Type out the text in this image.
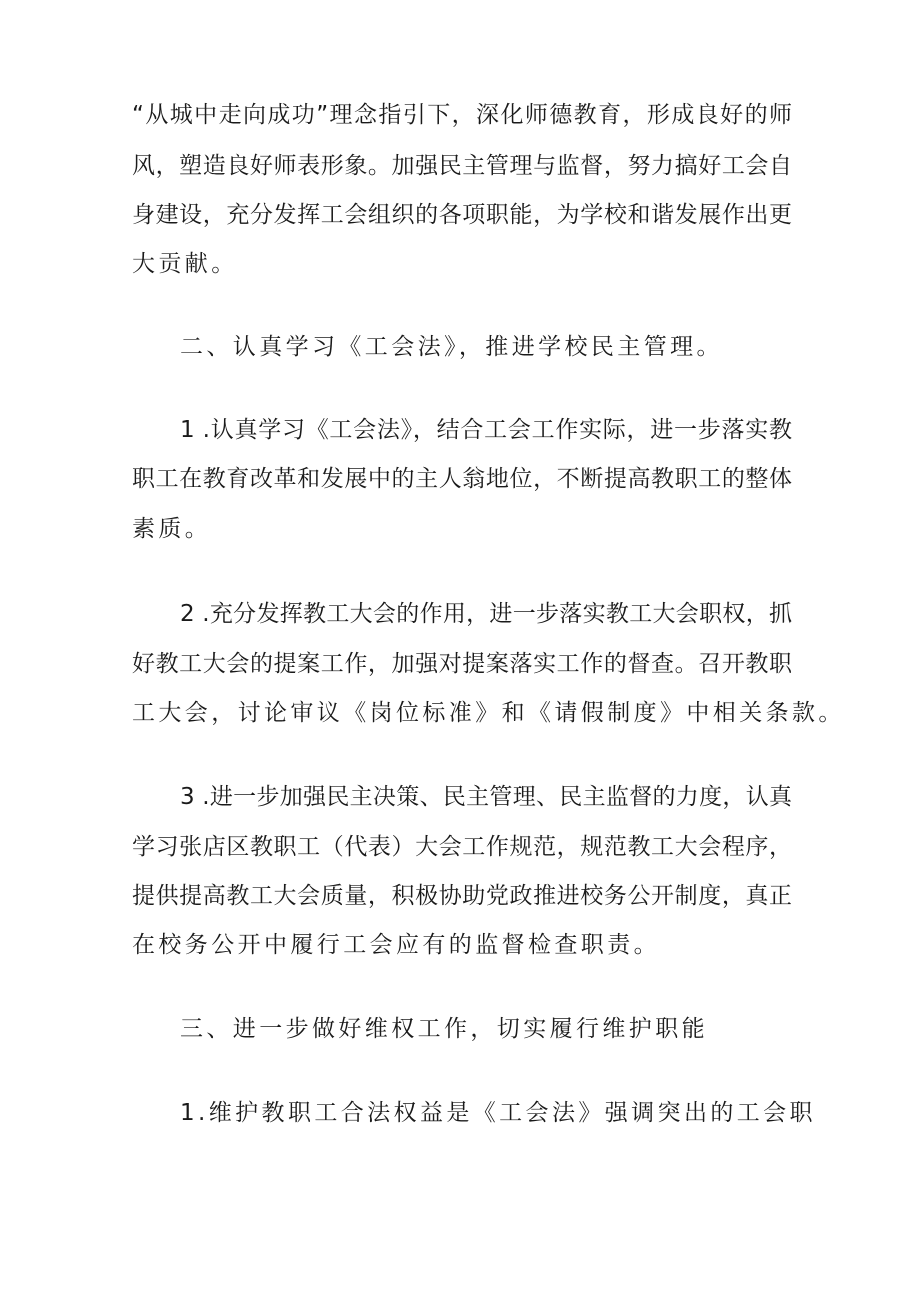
“从城中走向成功”理念指引下，深化师德教育，形成良好的师
风，塑造良好师表形象。加强民主管理与监督，努力搞好工会自
身建设，充分发挥工会组织的各项职能，为学校和谐发展作出更
大贡献。
二、认真学习《工会法》，推进学校民主管理。
1 .认真学习《工会法》，结合工会工作实际，进一步落实教
职工在教育改革和发展中的主人翁地位，不断提高教职工的整体
素质。
2 .充分发挥教工大会的作用，进一步落实教工大会职权，抓
好教工大会的提案工作，加强对提案落实工作的督查。召开教职
工大会，讨论审议《岗位标准》和《请假制度》中相关条款。
3 .进一步加强民主决策、民主管理、民主监督的力度，认真
学习张店区教职工（代表）大会工作规范，规范教工大会程序，
提供提高教工大会质量，积极协助党政推进校务公开制度，真正
在校务公开中履行工会应有的监督检查职责。
三、进一步做好维权工作，切实履行维护职能
1.维护教职工合法权益是《工会法》强调突出的工会职
